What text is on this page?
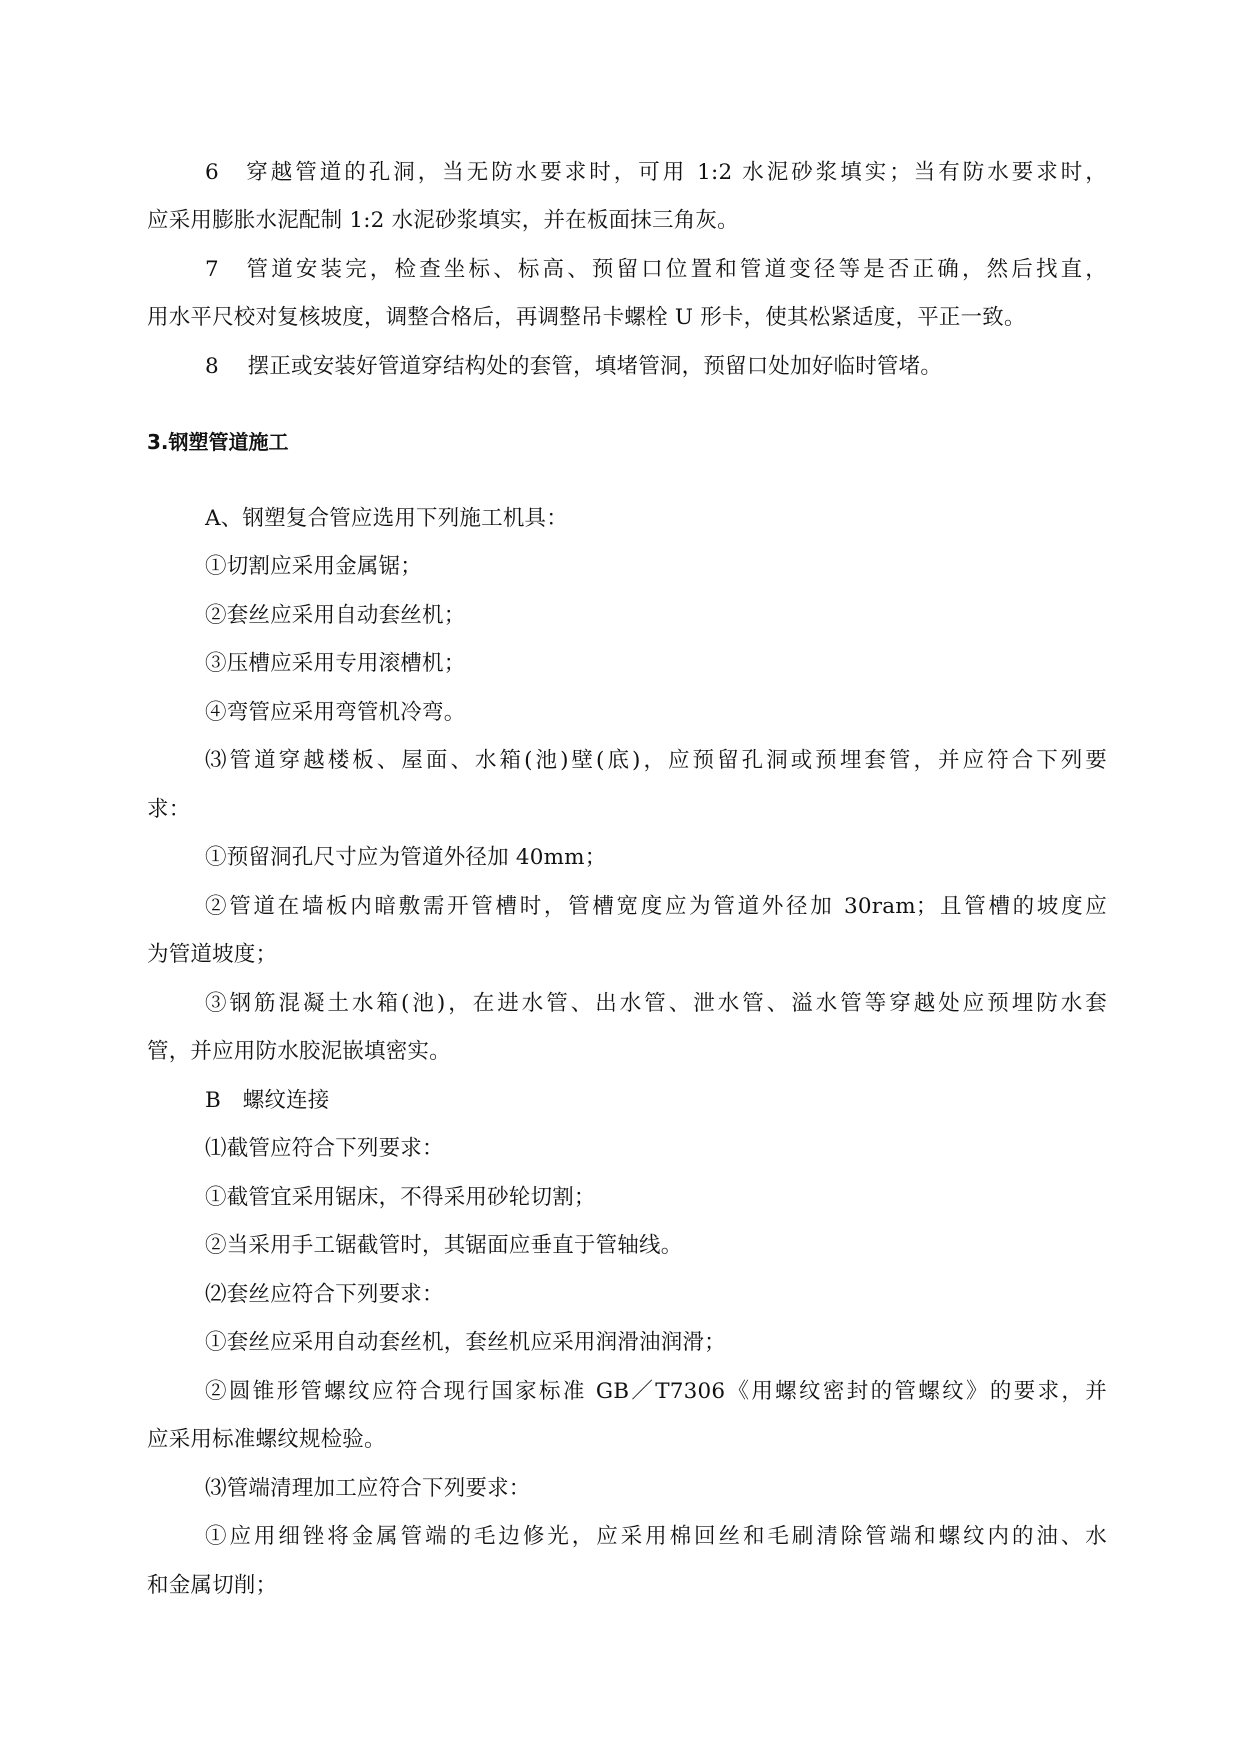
6　穿越管道的孔洞，当无防水要求时，可用 1:2 水泥砂浆填实；当有防水要求时，
应采用膨胀水泥配制 1:2 水泥砂浆填实，并在板面抹三角灰。
7　管道安装完，检查坐标、标高、预留口位置和管道变径等是否正确，然后找直，
用水平尺校对复核坡度，调整合格后，再调整吊卡螺栓 U 形卡，使其松紧适度，平正一致。
8　 摆正或安装好管道穿结构处的套管，填堵管洞，预留口处加好临时管堵。
3.钢塑管道施工
A、钢塑复合管应选用下列施工机具：
①切割应采用金属锯；
②套丝应采用自动套丝机；
③压槽应采用专用滚槽机；
④弯管应采用弯管机冷弯。
⑶管道穿越楼板、屋面、水箱(池)壁(底)，应预留孔洞或预埋套管，并应符合下列要
求：
①预留洞孔尺寸应为管道外径加 40mm；
②管道在墙板内暗敷需开管槽时，管槽宽度应为管道外径加 30ram；且管槽的坡度应
为管道坡度；
③钢筋混凝土水箱(池)，在进水管、出水管、泄水管、溢水管等穿越处应预埋防水套
管，并应用防水胶泥嵌填密实。
B　螺纹连接
⑴截管应符合下列要求：
①截管宜采用锯床，不得采用砂轮切割；
②当采用手工锯截管时，其锯面应垂直于管轴线。
⑵套丝应符合下列要求：
①套丝应采用自动套丝机，套丝机应采用润滑油润滑；
②圆锥形管螺纹应符合现行国家标准 GB／T7306《用螺纹密封的管螺纹》的要求，并
应采用标准螺纹规检验。
⑶管端清理加工应符合下列要求：
①应用细锉将金属管端的毛边修光，应采用棉回丝和毛刷清除管端和螺纹内的油、水
和金属切削；
